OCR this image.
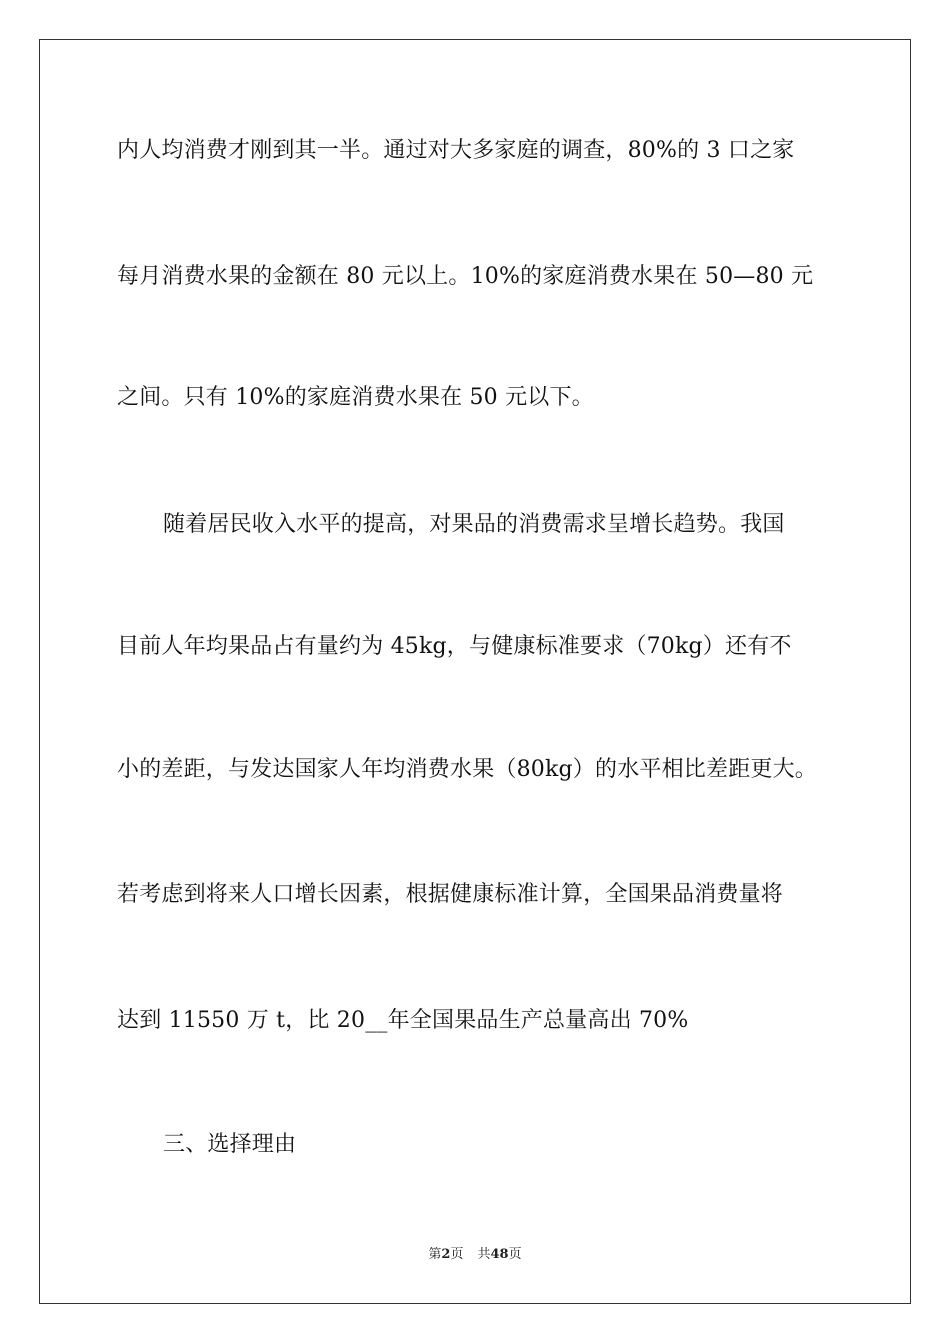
内人均消费才刚到其一半。通过对大多家庭的调查，80%的 3 口之家
每月消费水果的金额在 80 元以上。10%的家庭消费水果在 50—80 元
之间。只有 10%的家庭消费水果在 50 元以下。
随着居民收入水平的提高，对果品的消费需求呈增长趋势。我国
目前人年均果品占有量约为 45kg，与健康标准要求（70kg）还有不
小的差距，与发达国家人年均消费水果（80kg）的水平相比差距更大。
若考虑到将来人口增长因素，根据健康标准计算，全国果品消费量将
达到 11550 万 t，比 20__年全国果品生产总量高出 70%
三、选择理由
第2页 共48页
